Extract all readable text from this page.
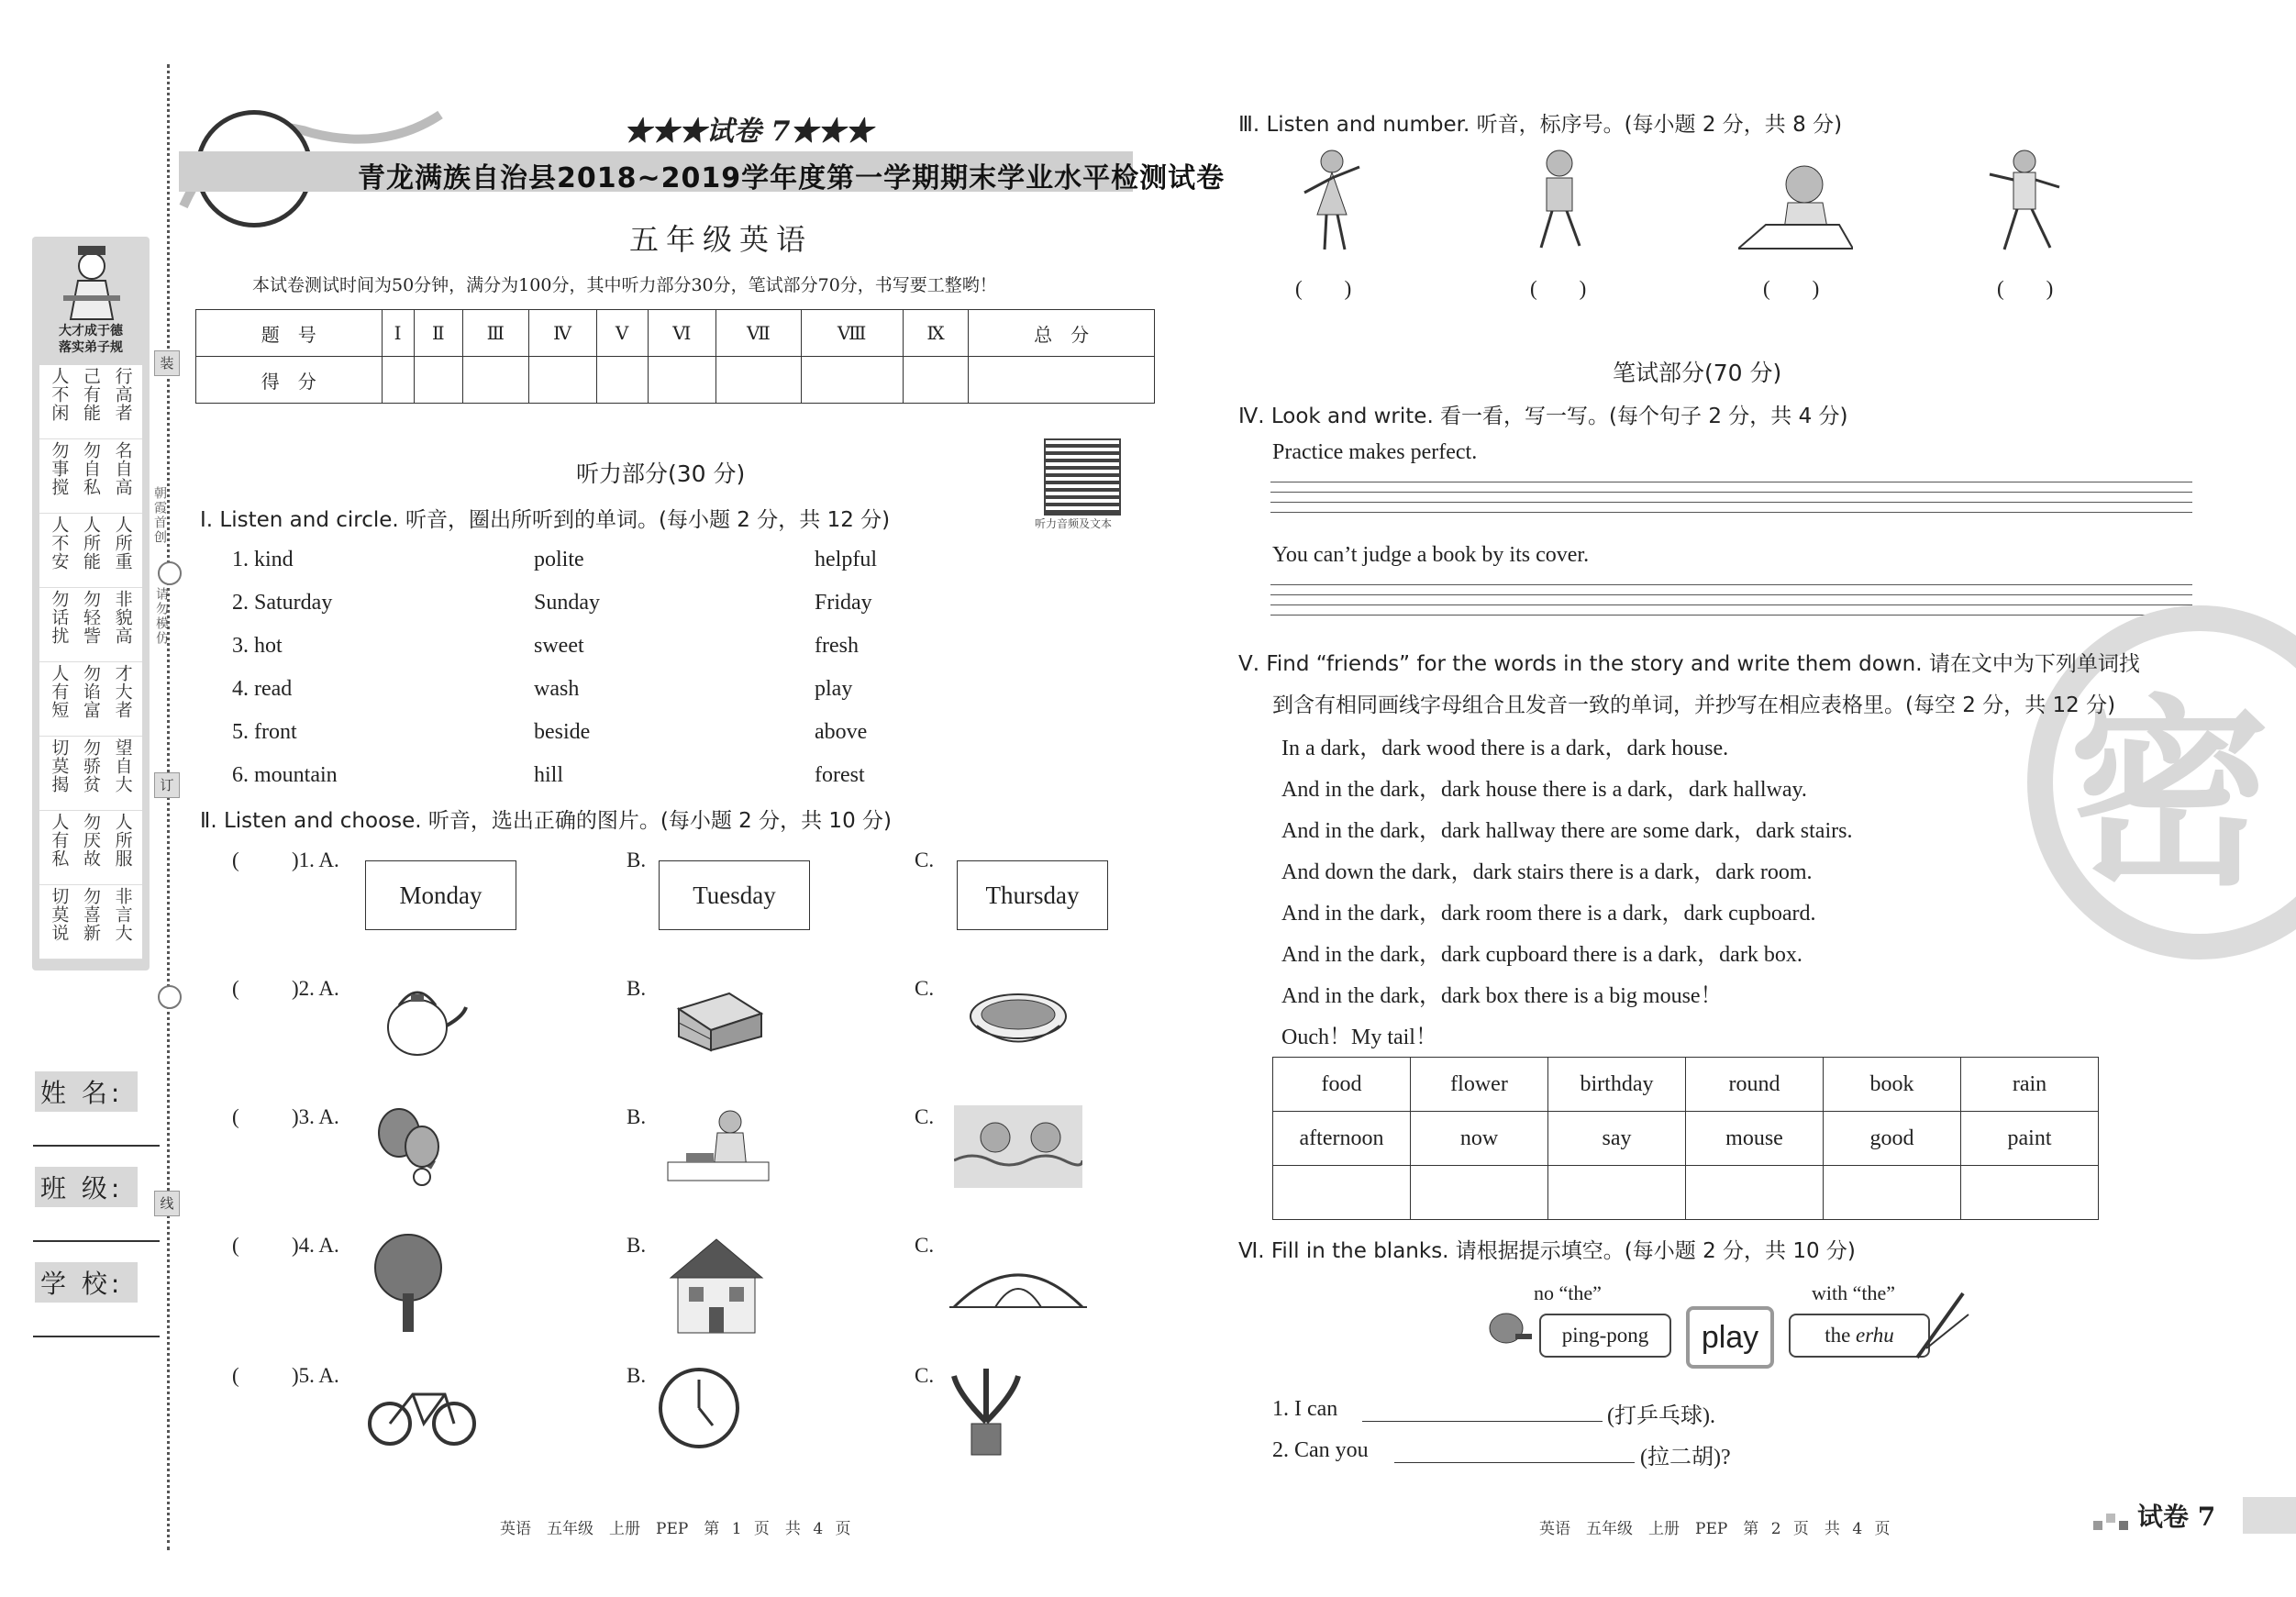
大才成于德
落实弟子规
人不闲 己有能 行高者
勿事搅 勿自私 名自高
人不安 人所能 人所重
勿话扰 勿轻訾 非貌高
人有短 勿谄富 才大者
切莫揭 勿骄贫 望自大
人有私 勿厌故 人所服
切莫说 勿喜新 非言大
装
朝霞首创
请勿模仿
订
线
姓 名:
班 级:
学 校:
★★★试卷 7★★★
青龙满族自治县2018~2019学年度第一学期期末学业水平检测试卷
五年级英语
本试卷测试时间为50分钟，满分为100分，其中听力部分30分，笔试部分70分，书写要工整哟！
题　号	Ⅰ	Ⅱ	Ⅲ	Ⅳ	Ⅴ	Ⅵ	Ⅶ	Ⅷ	Ⅸ	总　分
得　分										
听力部分(30 分)
听力音频及文本
Ⅰ. Listen and circle. 听音，圈出所听到的单词。(每小题 2 分，共 12 分)
1. kind	polite	helpful
2. Saturday	Sunday	Friday
3. hot	sweet	fresh
4. read	wash	play
5. front	beside	above
6. mountain	hill	forest
Ⅱ. Listen and choose. 听音，选出正确的图片。(每小题 2 分，共 10 分)
( )1. A.	B.	C.
( )2. A.	B.	C.
( )3. A.	B.	C.
( )4. A.	B.	C.
( )5. A.	B.	C.
Monday	Tuesday	Thursday
英语　五年级　上册　PEP　第 1 页　共 4 页
Ⅲ. Listen and number. 听音，标序号。(每小题 2 分，共 8 分)
(　　)	(　　)	(　　)	(　　)
笔试部分(70 分)
Ⅳ. Look and write. 看一看，写一写。(每个句子 2 分，共 4 分)
Practice makes perfect.
You can’t judge a book by its cover.
密
Ⅴ. Find “friends” for the words in the story and write them down. 请在文中为下列单词找
到含有相同画线字母组合且发音一致的单词，并抄写在相应表格里。(每空 2 分，共 12 分)
In a dark，dark wood there is a dark，dark house.
And in the dark，dark house there is a dark，dark hallway.
And in the dark，dark hallway there are some dark，dark stairs.
And down the dark，dark stairs there is a dark，dark room.
And in the dark，dark room there is a dark，dark cupboard.
And in the dark，dark cupboard there is a dark，dark box.
And in the dark，dark box there is a big mouse！
Ouch！My tail！
food	flower	birthday	round	book	rain
afternoon	now	say	mouse	good	paint

Ⅵ. Fill in the blanks. 请根据提示填空。(每小题 2 分，共 10 分)
no “the”	with “the”
ping-pong	play	the erhu
1. I can	(打乒乓球).
2. Can you	(拉二胡)?
英语　五年级　上册　PEP　第 2 页　共 4 页	试卷 7
